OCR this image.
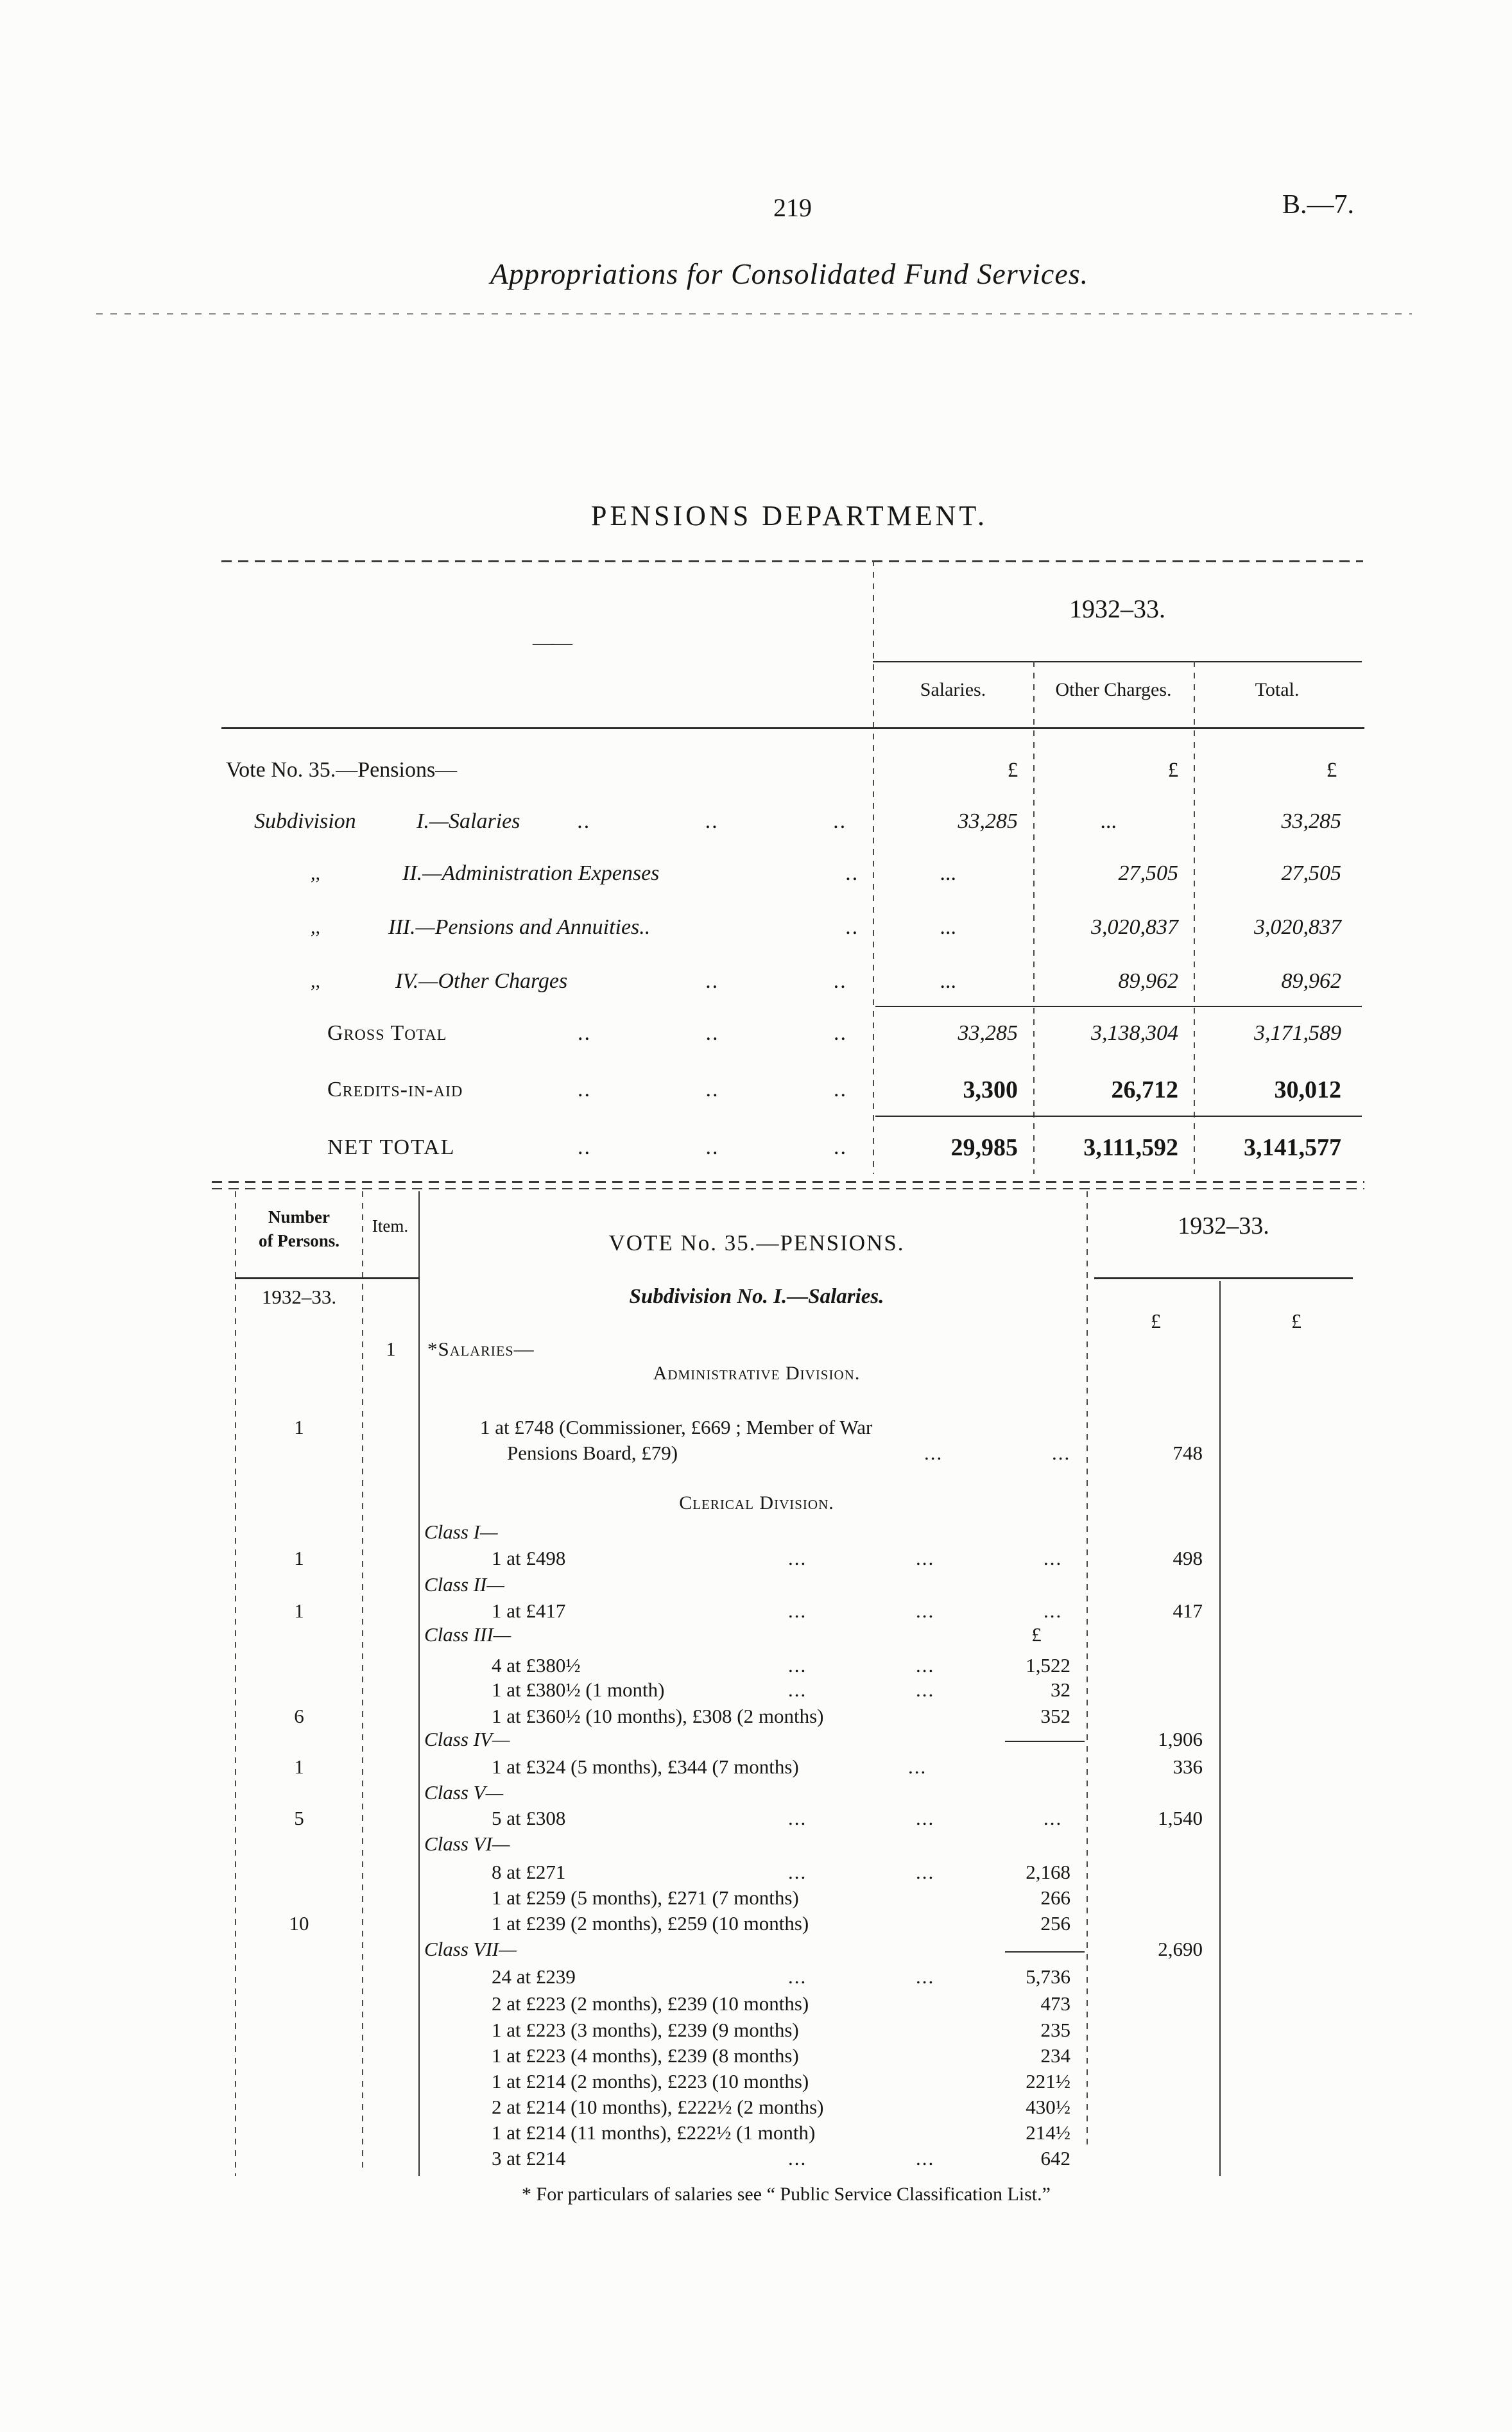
219	B.—7.
Appropriations for Consolidated Fund Services.
PENSIONS DEPARTMENT.
1932–33.
——
Salaries.	Other Charges.	Total.
Vote No. 35.—Pensions—	£	£	£
Subdivision	I.—Salaries	.. .. ..	33,285	...	33,285
,,	II.—Administration Expenses	..	...	27,505	27,505
,,	III.—Pensions and Annuities..	..	...	3,020,837	3,020,837
,,	IV.—Other Charges	.. ..	...	89,962	89,962
Gross Total	.. .. ..	33,285	3,138,304	3,171,589
Credits-in-aid	.. .. ..	3,300	26,712	30,012
NET TOTAL	.. .. ..	29,985	3,111,592	3,141,577
Number
of Persons.
Item.
VOTE No. 35.—PENSIONS.
1932–33.
1932–33.	Subdivision No. I.—Salaries.
£	£
1	*Salaries—
Administrative Division.
1	1 at £748 (Commissioner, £669 ; Member of War
Pensions Board, £79)	... ...	748
Clerical Division.
Class I—
1	1 at £498	... ... ...	498
Class II—
1	1 at £417	... ... ...	417
Class III—	£
4 at £380½	... ...	1,522
1 at £380½ (1 month)	... ...	32
6	1 at £360½ (10 months), £308 (2 months)	352
Class IV—	1,906
1	1 at £324 (5 months), £344 (7 months)	...	336
Class V—
5	5 at £308	... ... ...	1,540
Class VI—
8 at £271	... ...	2,168
1 at £259 (5 months), £271 (7 months)	266
10	1 at £239 (2 months), £259 (10 months)	256
Class VII—	2,690
24 at £239	... ...	5,736
2 at £223 (2 months), £239 (10 months)	473
1 at £223 (3 months), £239 (9 months)	235
1 at £223 (4 months), £239 (8 months)	234
1 at £214 (2 months), £223 (10 months)	221½
2 at £214 (10 months), £222½ (2 months)	430½
1 at £214 (11 months), £222½ (1 month)	214½
3 at £214	... ...	642
* For particulars of salaries see “ Public Service Classification List.”
